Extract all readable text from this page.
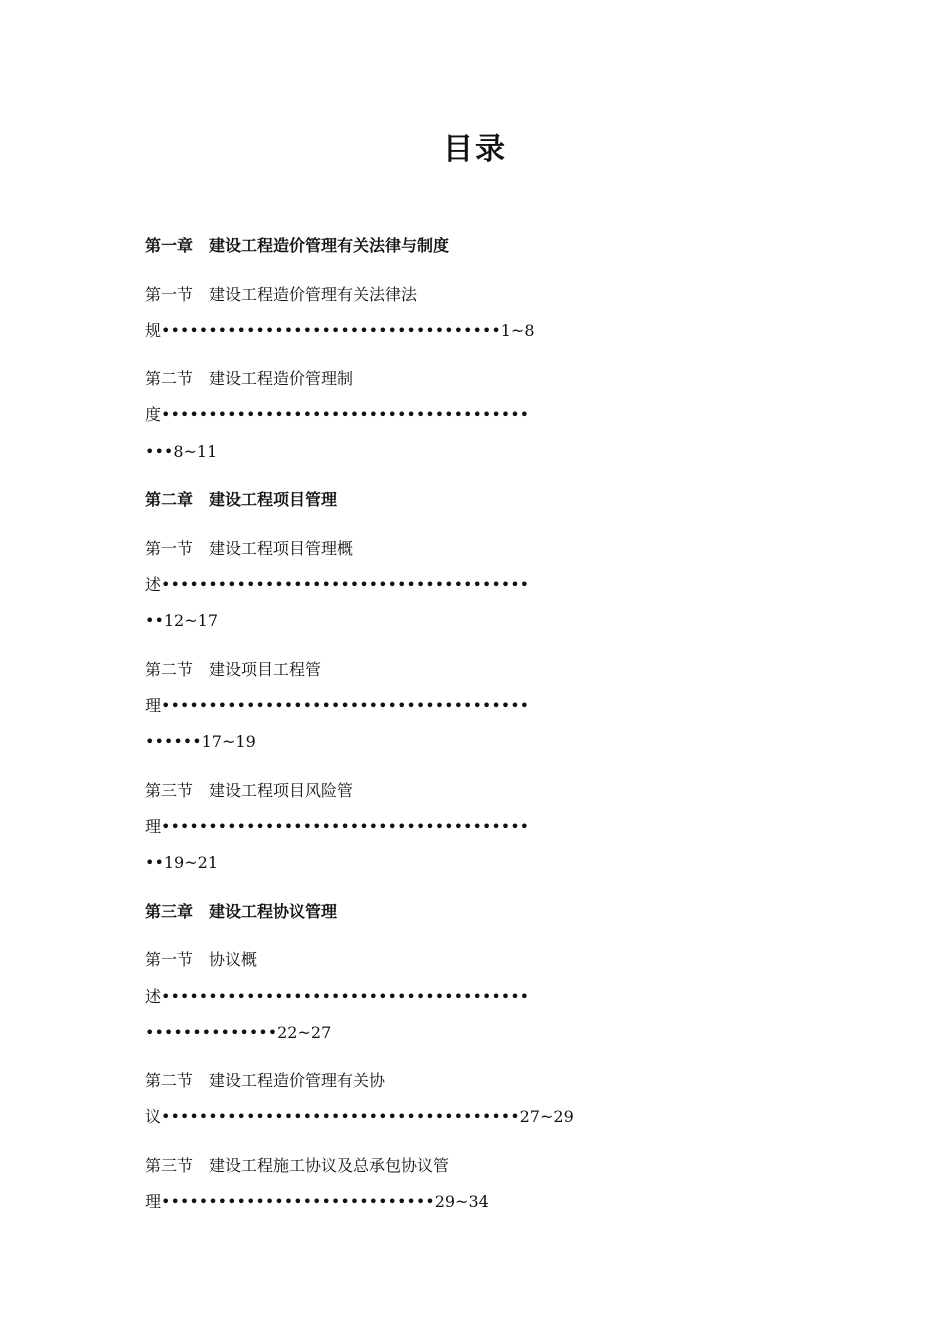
目录
第一章　建设工程造价管理有关法律与制度
第一节　建设工程造价管理有关法律法
规••••••••••••••••••••••••••••••••••••1~8
第二节　建设工程造价管理制
度•••••••••••••••••••••••••••••••••••••••
•••8~11
第二章　建设工程项目管理
第一节　建设工程项目管理概
述•••••••••••••••••••••••••••••••••••••••
••12~17
第二节　建设项目工程管
理•••••••••••••••••••••••••••••••••••••••
••••••17~19
第三节　建设工程项目风险管
理•••••••••••••••••••••••••••••••••••••••
••19~21
第三章　建设工程协议管理
第一节　协议概
述•••••••••••••••••••••••••••••••••••••••
••••••••••••••22~27
第二节　建设工程造价管理有关协
议••••••••••••••••••••••••••••••••••••••27~29
第三节　建设工程施工协议及总承包协议管
理•••••••••••••••••••••••••••••29~34
